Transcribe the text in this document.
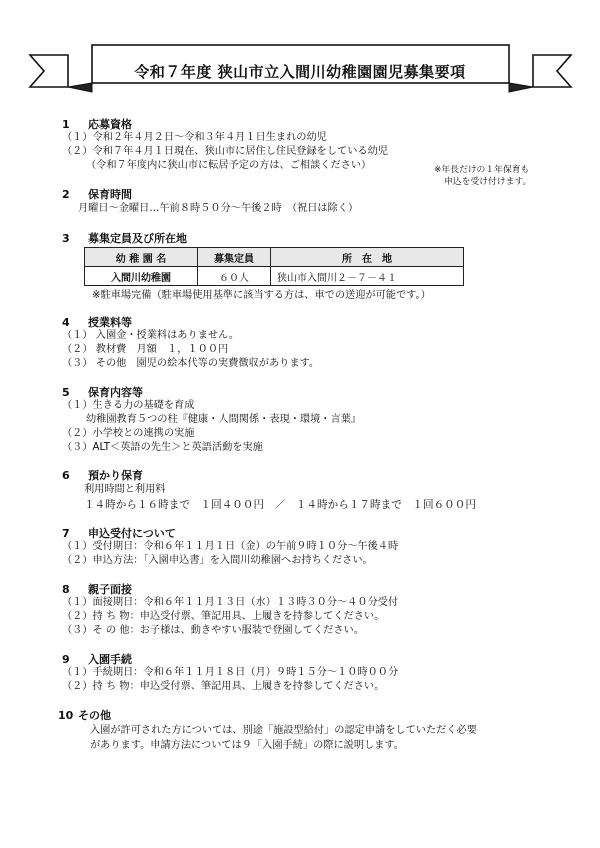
令和７年度 狭山市立入間川幼稚園園児募集要項
1 応募資格
（１）令和２年４月２日～令和３年４月１日生まれの幼児
（２）令和７年４月１日現在、狭山市に居住し住民登録をしている幼児
（令和７年度内に狭山市に転居予定の方は、ご相談ください）	※年長だけの１年保育も
申込を受け付けます。
2 保育時間
月曜日～金曜日…午前８時５０分～午後２時　（祝日は除く）
3 募集定員及び所在地
幼 稚 園 名	募集定員	所　在　地
入間川幼稚園	６０人	狭山市入間川２－７－４１
※駐車場完備（駐車場使用基準に該当する方は、車での送迎が可能です。）
4 授業料等
（１） 入園金・授業料はありません。
（２） 教材費　月額　１，１００円
（３） その他　園児の絵本代等の実費徴収があります。
5 保育内容等
（１）生きる力の基礎を育成
幼稚園教育５つの柱『健康・人間関係・表現・環境・言葉』
（２）小学校との連携の実施
（３）ALT＜英語の先生＞と英語活動を実施
6 預かり保育
利用時間と利用料
１４時から１６時まで　１回４００円　／　１４時から１７時まで　１回６００円
7 申込受付について
（１）受付期日：令和６年１１月１日（金）の午前９時１０分～午後４時
（２）申込方法：「入園申込書」を入間川幼稚園へお持ちください。
8 親子面接
（１）面接期日：令和６年１１月１３日（水）１３時３０分～４０分受付
（２）持 ち 物：申込受付票、筆記用具、上履きを持参してください。
（３）そ の 他：お子様は、動きやすい服装で登園してください。
9 入園手続
（１）手続期日：令和６年１１月１８日（月）９時１５分～１０時００分
（２）持 ち 物：申込受付票、筆記用具、上履きを持参してください。
10 その他
入園が許可された方については、別途「施設型給付」の認定申請をしていただく必要
があります。申請方法については９「入園手続」の際に説明します。
